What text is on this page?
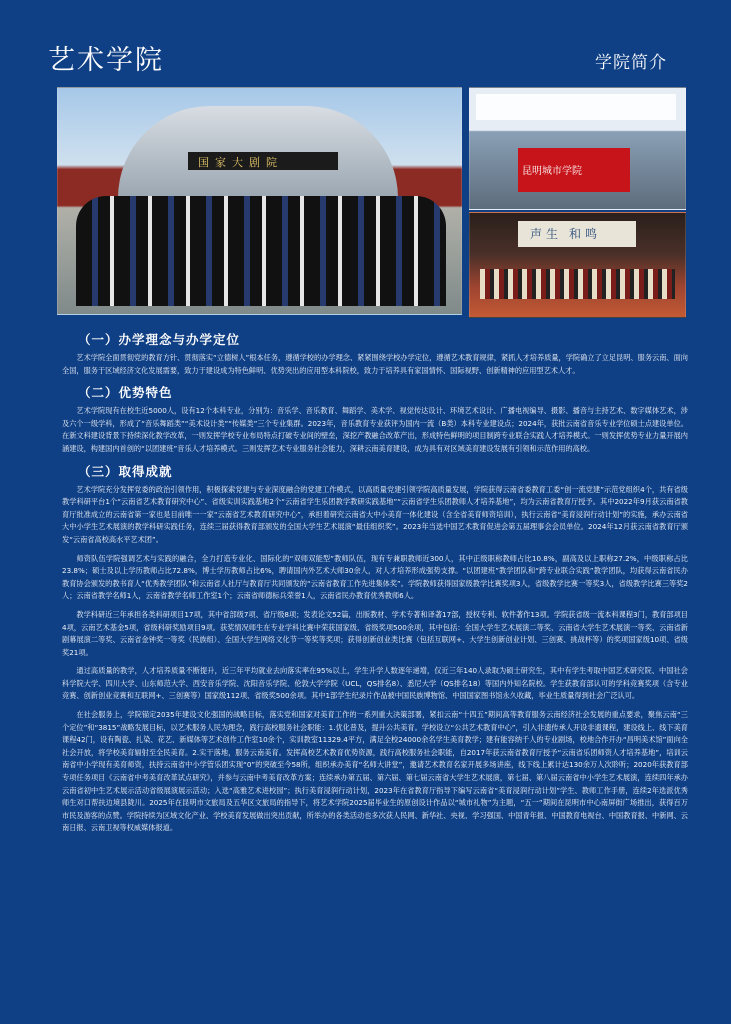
艺术学院	学院简介
国家大剧院
昆明城市学院
声生 和鸣
（一）办学理念与办学定位

艺术学院全面贯彻党的教育方针、贯彻落实“立德树人”根本任务，遵循学校的办学理念、紧紧围绕学校办学定位，遵循艺术教育规律，紧抓人才培养质量，学院确立了立足昆明、服务云南、面向全国，服务于区域经济文化发展需要，致力于建设成为特色鲜明、优势突出的应用型本科院校，致力于培养具有家国情怀、国际视野、创新精神的应用型艺术人才。

（二）优势特色

艺术学院现有在校生近5000人，设有12个本科专业，分别为：音乐学、音乐教育、舞蹈学、美术学、视觉传达设计、环境艺术设计、广播电视编导、摄影、播音与主持艺术、数字媒体艺术，涉及六个一级学科，形成了“音乐舞蹈类”“美术设计类”“传媒类”三个专业集群。2023年，音乐教育专业获评为国内一流（B类）本科专业建设点；2024年，获批云南省音乐专业学位硕士点建设单位。在新文科建设背景下持续深化教学改革，一则发挥学校专业布局特点打破专业间的壁垒，深挖产教融合改革产出，形成特色鲜明的项目制跨专业联合实践人才培养模式。一则发挥优势专业力量开展内涵建设，构建国内首创的“以团建班”音乐人才培养模式。三则发挥艺术专业服务社会能力，深耕云南美育建设，成为具有对区域美育建设发展有引领和示范作用的高校。

（三）取得成就

艺术学院充分发挥党委的政治引领作用，积极探索党建与专业深度融合的党建工作模式，以高质量党建引领学院高质量发展，学院获得云南省委教育工委“创一流党建”示范党组织4个，共有省级教学科研平台1个“云南省艺术教育研究中心”、省级实训实践基地2个“云南省学生乐团教学教研实践基地”“云南省学生乐团教师人才培养基地”，均为云南省教育厅授予。其中2022年9月获云南省教育厅批准成立的云南省第一家也是目前唯一一家“云南省艺术教育研究中心”，承担着研究云南省大中小美育一体化建设（含全省美育师资培训），执行云南省“美育浸润行动计划”的实施，承办云南省大中小学生艺术展演的教学科研实践任务，连续三届获得教育部颁发的全国大学生艺术展演“最佳组织奖”。2023年当选中国艺术教育促进会第五届理事会会员单位。2024年12月获云南省教育厅颁发“云南省高校高水平艺术团”。

师资队伍学院强调艺术与实践的融合，全力打造专业化、国际化的“双师双能型”教师队伍，现有专兼职教师近300人，其中正级职称教师占比10.8%，副高及以上职称27.2%，中级职称占比23.8%；硕士及以上学历教师占比72.8%，博士学历教师占比6%，聘请国内外艺术大师30余人，对人才培养形成强势支撑。“以团建班”教学团队和“跨专业联合实践”教学团队，均获得云南省民办教育协会颁发的教书育人“优秀教学团队”和云南省人社厅与教育厅共同颁发的“云南省教育工作先进集体奖”。学院教师获得国家级教学比赛奖项3人，省级教学比赛一等奖3人，省级教学比赛三等奖2人；云南省教学名师1人，云南省教学名师工作室1个；云南省师德标兵荣誉1人，云南省民办教育优秀教师6人。

教学科研近三年承担各类科研项目17项，其中省部级7项、省厅级8项；发表论文52篇，出版教材、学术专著和译著17部，授权专利、软件著作13项。学院获省级一流本科课程3门，教育部项目4项，云南艺术基金5项，省级科研奖励项目9项。获奖情况师生在专业学科比赛中荣获国家级、省级奖项500余项，其中包括：全国大学生艺术展演二等奖、云南省大学生艺术展演一等奖、云南省新剧幕展演二等奖、云南省金钟奖一等奖（民族组）、全国大学生网络文化节一等奖等奖项；获得创新创业类比赛（包括互联网+、大学生创新创业计划、三创赛、挑战杯等）的奖项国家级10项、省级奖21项。

通过高质量的教学，人才培养质量不断提升，近三年平均就业去向落实率在95%以上，学生升学人数逐年递增，仅近三年140人录取为硕士研究生，其中有学生考取中国艺术研究院、中国社会科学院大学、四川大学、山东师范大学、西安音乐学院、沈阳音乐学院、伦敦大学学院（UCL，QS排名8）、悉尼大学（QS排名18）等国内外知名院校。学生获教育部认可的学科竞赛奖项（含专业竞赛、创新创业竞赛和互联网+、三创赛等）国家级112项、省级奖500余项。其中1部学生纪录片作品被中国民族博物馆、中国国家图书馆永久收藏，毕业生质量得到社会广泛认可。

在社会服务上，学院锚定2035年建设文化强国的战略目标，落实党和国家对美育工作的一系列重大决策部署，紧扣云南“十四五”期间高等教育服务云南经济社会发展的重点要求，聚焦云南“三个定位”和“3815”战略发展目标，以艺术服务人民为理念，践行高校服务社会职能：1.优化普及，提升公共美育。学校设立“公共艺术教育中心”，引入非遗传承人开设非遗课程，建设线上、线下美育课程42门，设有陶瓷、扎染、花艺、新媒体等艺术创作工作室10余个，实训教室11329.4平方，满足全校24000余名学生美育教学；建有能容纳千人的专业剧场，校地合作开办“昌明美术馆”面向全社会开放，将学校美育辐射至全民美育。2.实干落地，服务云南美育。发挥高校艺术教育优势资源，践行高校服务社会职能，自2017年获云南省教育厅授予“云南省乐团师资人才培养基地”，培训云南省中小学现有美育师资，扶持云南省中小学管乐团实现“0”的突破至今58所，组织承办美育“名师大讲堂”，邀请艺术教育名家开展多场讲座，线下线上累计达130余万人次聆听；2020年获教育部专项任务项目《云南省中考美育改革试点研究》，并参与云南中考美育改革方案；连续承办第五届、第六届、第七届云南省大学生艺术展演，第七届、第八届云南省中小学生艺术展演，连续四年承办云南省初中生艺术展示活动省级展演展示活动；入选“高雅艺术进校园”；执行美育浸润行动计划，2023年在省教育厅指导下编写云南省“美育浸润行动计划”学生、教师工作手册，连续2年选派优秀师生对口帮扶边境县陇川。2025年在昆明市文旅局及五华区文旅局的指导下，将艺术学院2025届毕业生的原创设计作品以“城市礼物”为主题，“五一”期间在昆明市中心南屏街广场推出，获得百万市民及游客的点赞。学院持续为区域文化产业、学校美育发展做出突出贡献，所举办的各类活动也多次获人民网、新华社、央视、学习强国、中国青年报、中国教育电视台、中国教育报、中新网、云南日报、云南卫视等权威媒体报道。
